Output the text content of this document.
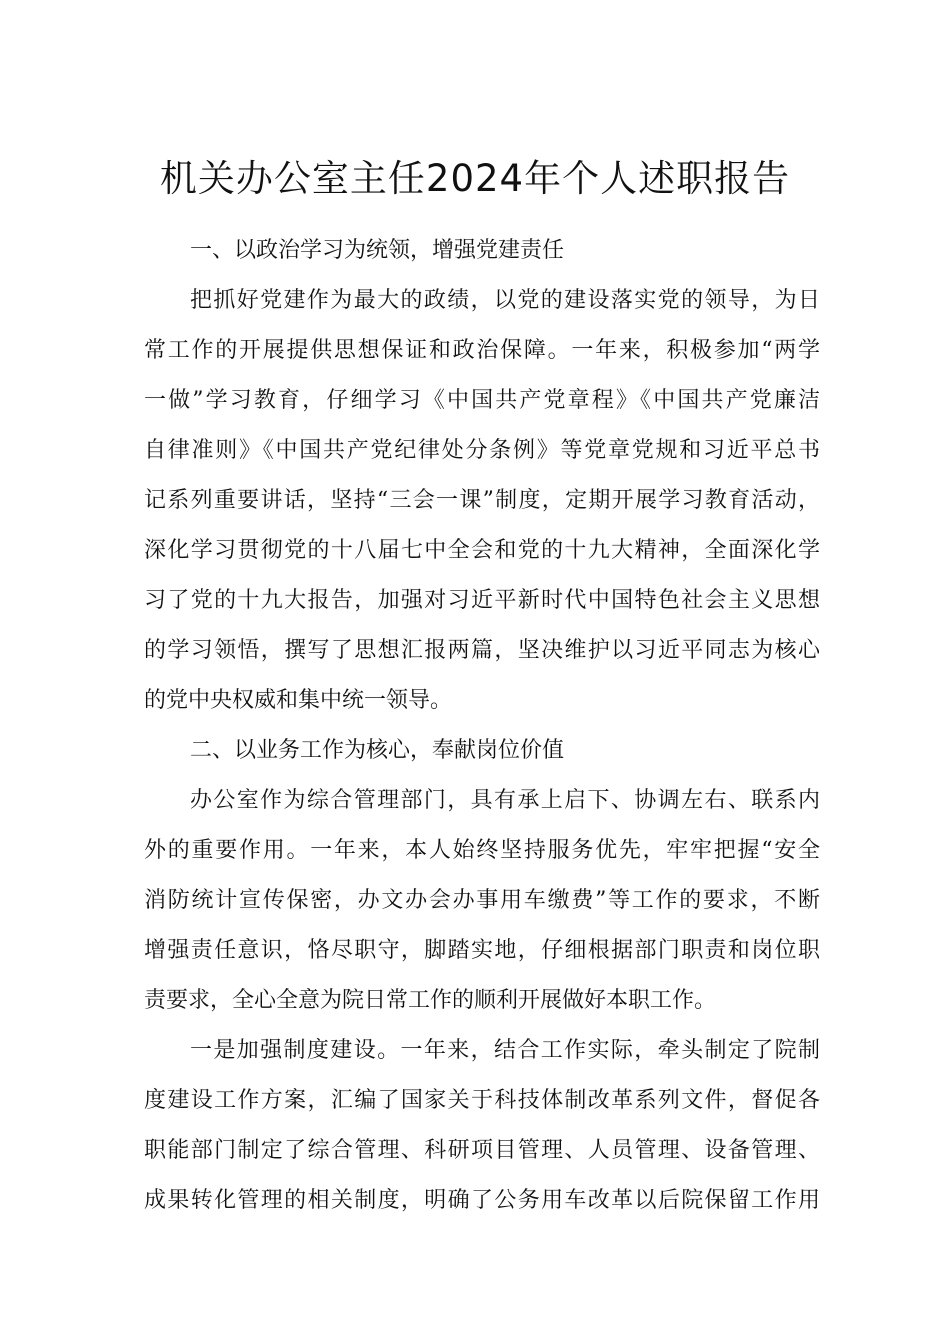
机关办公室主任2024年个人述职报告
一、以政治学习为统领，增强党建责任
把抓好党建作为最大的政绩，以党的建设落实党的领导，为日
常工作的开展提供思想保证和政治保障。一年来，积极参加“两学
一做”学习教育，仔细学习《中国共产党章程》《中国共产党廉洁
自律准则》《中国共产党纪律处分条例》等党章党规和习近平总书
记系列重要讲话，坚持“三会一课”制度，定期开展学习教育活动，
深化学习贯彻党的十八届七中全会和党的十九大精神，全面深化学
习了党的十九大报告，加强对习近平新时代中国特色社会主义思想
的学习领悟，撰写了思想汇报两篇，坚决维护以习近平同志为核心
的党中央权威和集中统一领导。
二、以业务工作为核心，奉献岗位价值
办公室作为综合管理部门，具有承上启下、协调左右、联系内
外的重要作用。一年来，本人始终坚持服务优先，牢牢把握“安全
消防统计宣传保密，办文办会办事用车缴费”等工作的要求，不断
增强责任意识，恪尽职守，脚踏实地，仔细根据部门职责和岗位职
责要求，全心全意为院日常工作的顺利开展做好本职工作。
一是加强制度建设。一年来，结合工作实际，牵头制定了院制
度建设工作方案，汇编了国家关于科技体制改革系列文件，督促各
职能部门制定了综合管理、科研项目管理、人员管理、设备管理、
成果转化管理的相关制度，明确了公务用车改革以后院保留工作用
